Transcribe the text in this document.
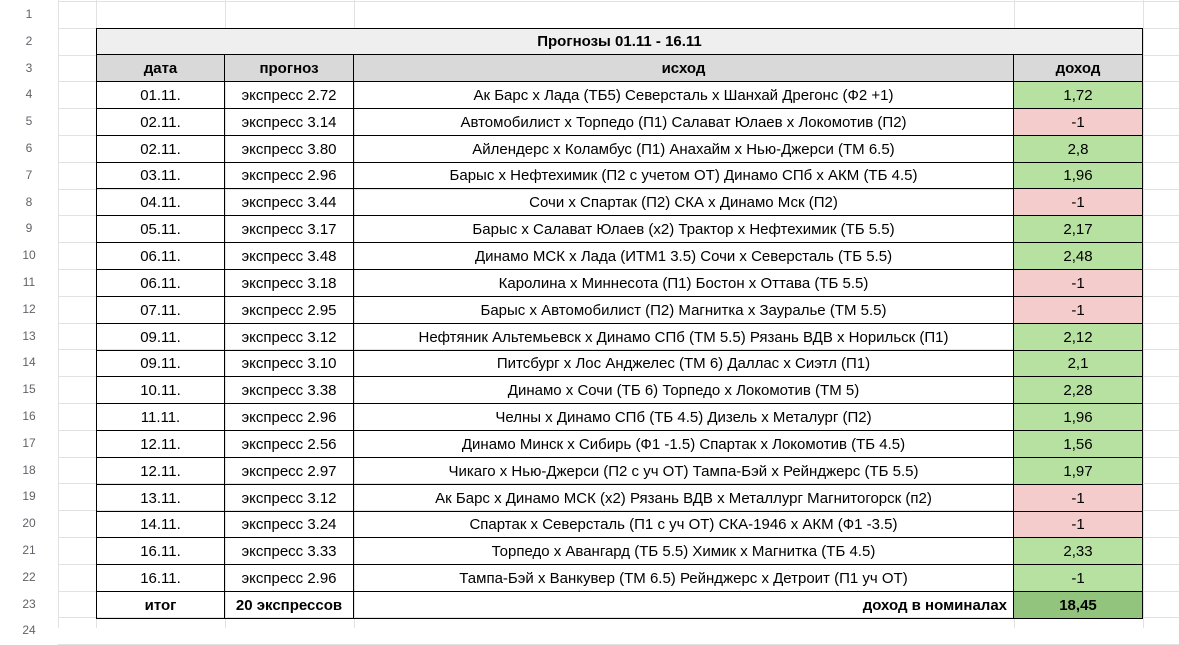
1
2
3
4
5
6
7
8
9
10
11
12
13
14
15
16
17
18
19
20
21
22
23
24
Прогнозы 01.11 - 16.11
дата	прогноз	исход	доход
01.11.	экспресс 2.72	Ак Барс х Лада (ТБ5) Северсталь х Шанхай Дрегонс (Ф2 +1)	1,72
02.11.	экспресс 3.14	Автомобилист х Торпедо (П1) Салават Юлаев х Локомотив (П2)	-1
02.11.	экспресс 3.80	Айлендерс х Коламбус (П1) Анахайм х Нью-Джерси (ТМ 6.5)	2,8
03.11.	экспресс 2.96	Барыс х Нефтехимик (П2 с учетом ОТ) Динамо СПб х АКМ (ТБ 4.5)	1,96
04.11.	экспресс 3.44	Сочи х Спартак (П2) СКА х Динамо Мск (П2)	-1
05.11.	экспресс 3.17	Барыс х Салават Юлаев (х2) Трактор х Нефтехимик (ТБ 5.5)	2,17
06.11.	экспресс 3.48	Динамо МСК х Лада (ИТМ1 3.5) Сочи х Северсталь (ТБ 5.5)	2,48
06.11.	экспресс 3.18	Каролина х Миннесота (П1) Бостон х Оттава (ТБ 5.5)	-1
07.11.	экспресс 2.95	Барыс х Автомобилист (П2) Магнитка х Зауралье (ТМ 5.5)	-1
09.11.	экспресс 3.12	Нефтяник Альтемьевск х Динамо СПб (ТМ 5.5) Рязань ВДВ х Норильск (П1)	2,12
09.11.	экспресс 3.10	Питсбург х Лос Анджелес (ТМ 6) Даллас х Сиэтл (П1)	2,1
10.11.	экспресс 3.38	Динамо х Сочи (ТБ 6) Торпедо х Локомотив (ТМ 5)	2,28
11.11.	экспресс 2.96	Челны х Динамо СПб (ТБ 4.5) Дизель х Металург (П2)	1,96
12.11.	экспресс 2.56	Динамо Минск х Сибирь (Ф1 -1.5) Спартак х Локомотив (ТБ 4.5)	1,56
12.11.	экспресс 2.97	Чикаго х Нью-Джерси (П2 с уч ОТ) Тампа-Бэй х Рейнджерс (ТБ 5.5)	1,97
13.11.	экспресс 3.12	Ак Барс х Динамо МСК (х2) Рязань ВДВ х Металлург Магнитогорск (п2)	-1
14.11.	экспресс 3.24	Спартак х Северсталь (П1 с уч ОТ) СКА-1946 х АКМ (Ф1 -3.5)	-1
16.11.	экспресс 3.33	Торпедо х Авангард (ТБ 5.5) Химик х Магнитка (ТБ 4.5)	2,33
16.11.	экспресс 2.96	Тампа-Бэй х Ванкувер (ТМ 6.5) Рейнджерс х Детроит (П1 уч ОТ)	-1
итог	20 экспрессов	доход в номиналах	18,45
